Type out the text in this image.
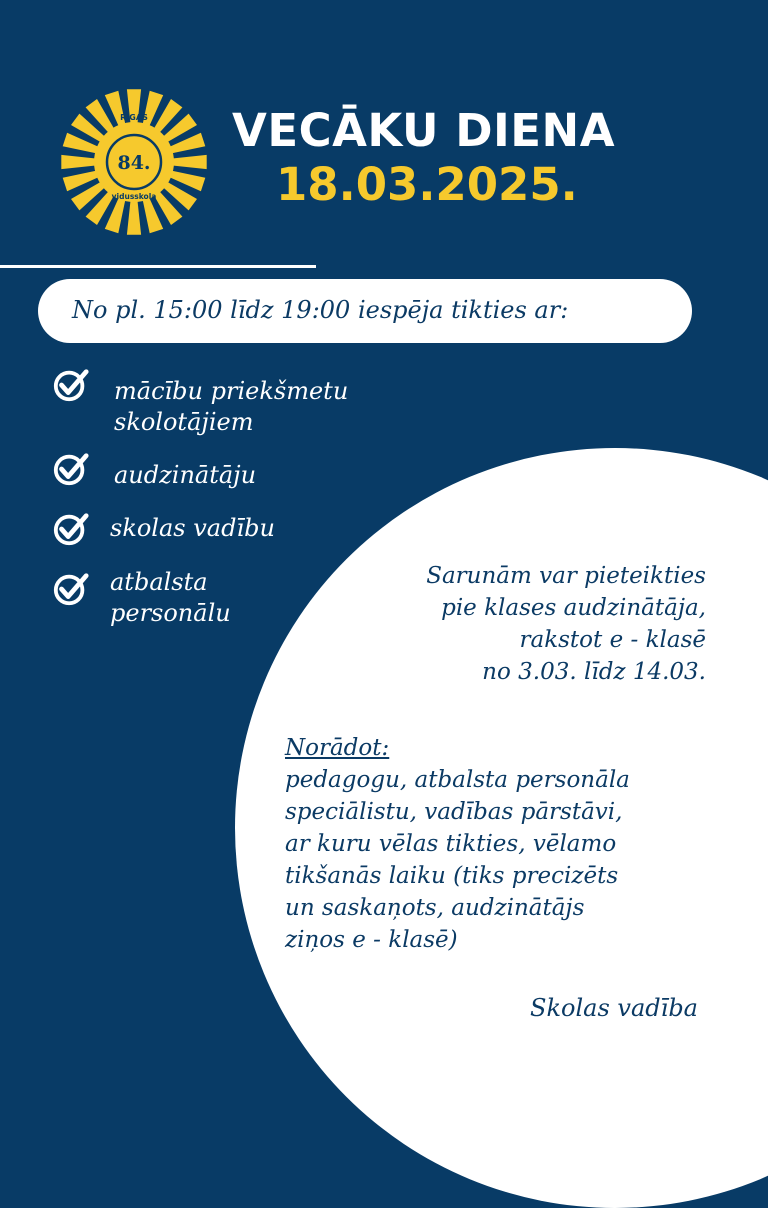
RĪGAS
84.
vidusskola
VECĀKU DIENA
18.03.2025.
No pl. 15:00 līdz 19:00 iespēja tikties ar:
mācību priekšmetu
skolotājiem
audzinātāju
skolas vadību
atbalsta
personālu
Sarunām var pieteikties
pie klases audzinātāja,
rakstot e - klasē
no 3.03. līdz 14.03.
Norādot:
pedagogu, atbalsta personāla
speciālistu, vadības pārstāvi,
ar kuru vēlas tikties, vēlamo
tikšanās laiku (tiks precizēts
un saskaņots, audzinātājs
ziņos e - klasē)
Skolas vadība
